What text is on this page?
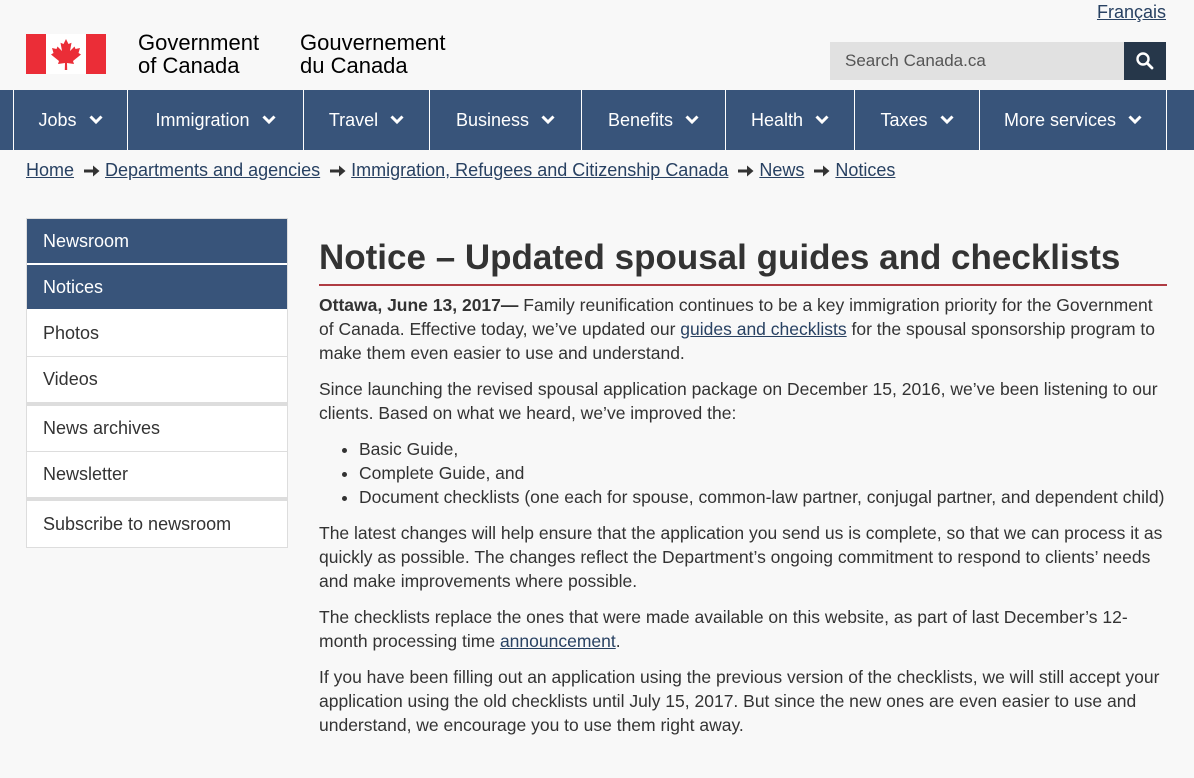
Français
Government
of Canada
Gouvernement
du Canada
Search Canada.ca
Jobs	Immigration	Travel	Business	Benefits	Health	Taxes	More services
Home Departments and agencies Immigration, Refugees and Citizenship Canada News Notices
Newsroom
Notices
Photos
Videos
News archives
Newsletter
Subscribe to newsroom
Notice – Updated spousal guides and checklists

Ottawa, June 13, 2017— Family reunification continues to be a key immigration priority for the Government of Canada. Effective today, we’ve updated our guides and checklists for the spousal sponsorship program to make them even easier to use and understand.

Since launching the revised spousal application package on December 15, 2016, we’ve been listening to our clients. Based on what we heard, we’ve improved the:

• Basic Guide,
• Complete Guide, and
• Document checklists (one each for spouse, common-law partner, conjugal partner, and dependent child)

The latest changes will help ensure that the application you send us is complete, so that we can process it as quickly as possible. The changes reflect the Department’s ongoing commitment to respond to clients’ needs and make improvements where possible.

The checklists replace the ones that were made available on this website, as part of last December’s 12-month processing time announcement.

If you have been filling out an application using the previous version of the checklists, we will still accept your application using the old checklists until July 15, 2017. But since the new ones are even easier to use and understand, we encourage you to use them right away.
